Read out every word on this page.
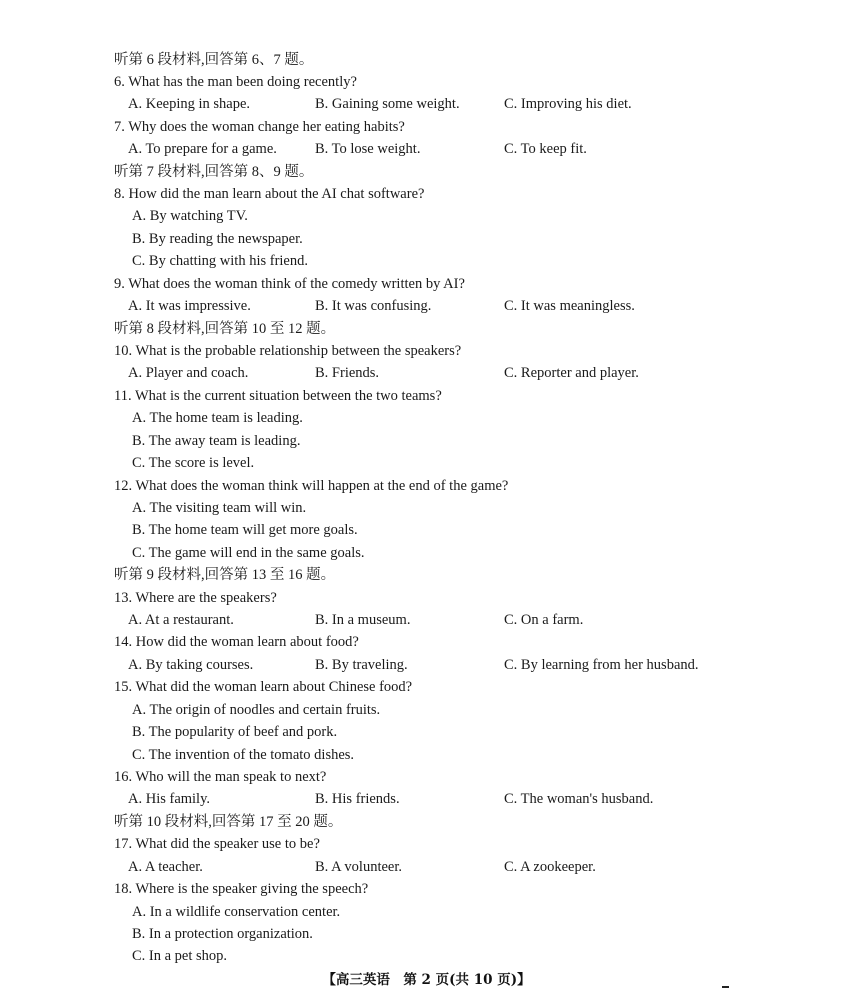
听第 6 段材料,回答第 6、7 题。
6. What has the man been doing recently?
A. Keeping in shape.	B. Gaining some weight.	C. Improving his diet.
7. Why does the woman change her eating habits?
A. To prepare for a game.	B. To lose weight.	C. To keep fit.
听第 7 段材料,回答第 8、9 题。
8. How did the man learn about the AI chat software?
A. By watching TV.
B. By reading the newspaper.
C. By chatting with his friend.
9. What does the woman think of the comedy written by AI?
A. It was impressive.	B. It was confusing.	C. It was meaningless.
听第 8 段材料,回答第 10 至 12 题。
10. What is the probable relationship between the speakers?
A. Player and coach.	B. Friends.	C. Reporter and player.
11. What is the current situation between the two teams?
A. The home team is leading.
B. The away team is leading.
C. The score is level.
12. What does the woman think will happen at the end of the game?
A. The visiting team will win.
B. The home team will get more goals.
C. The game will end in the same goals.
听第 9 段材料,回答第 13 至 16 题。
13. Where are the speakers?
A. At a restaurant.	B. In a museum.	C. On a farm.
14. How did the woman learn about food?
A. By taking courses.	B. By traveling.	C. By learning from her husband.
15. What did the woman learn about Chinese food?
A. The origin of noodles and certain fruits.
B. The popularity of beef and pork.
C. The invention of the tomato dishes.
16. Who will the man speak to next?
A. His family.	B. His friends.	C. The woman's husband.
听第 10 段材料,回答第 17 至 20 题。
17. What did the speaker use to be?
A. A teacher.	B. A volunteer.	C. A zookeeper.
18. Where is the speaker giving the speech?
A. In a wildlife conservation center.
B. In a protection organization.
C. In a pet shop.
【高三英语　第 2 页(共 10 页)】
